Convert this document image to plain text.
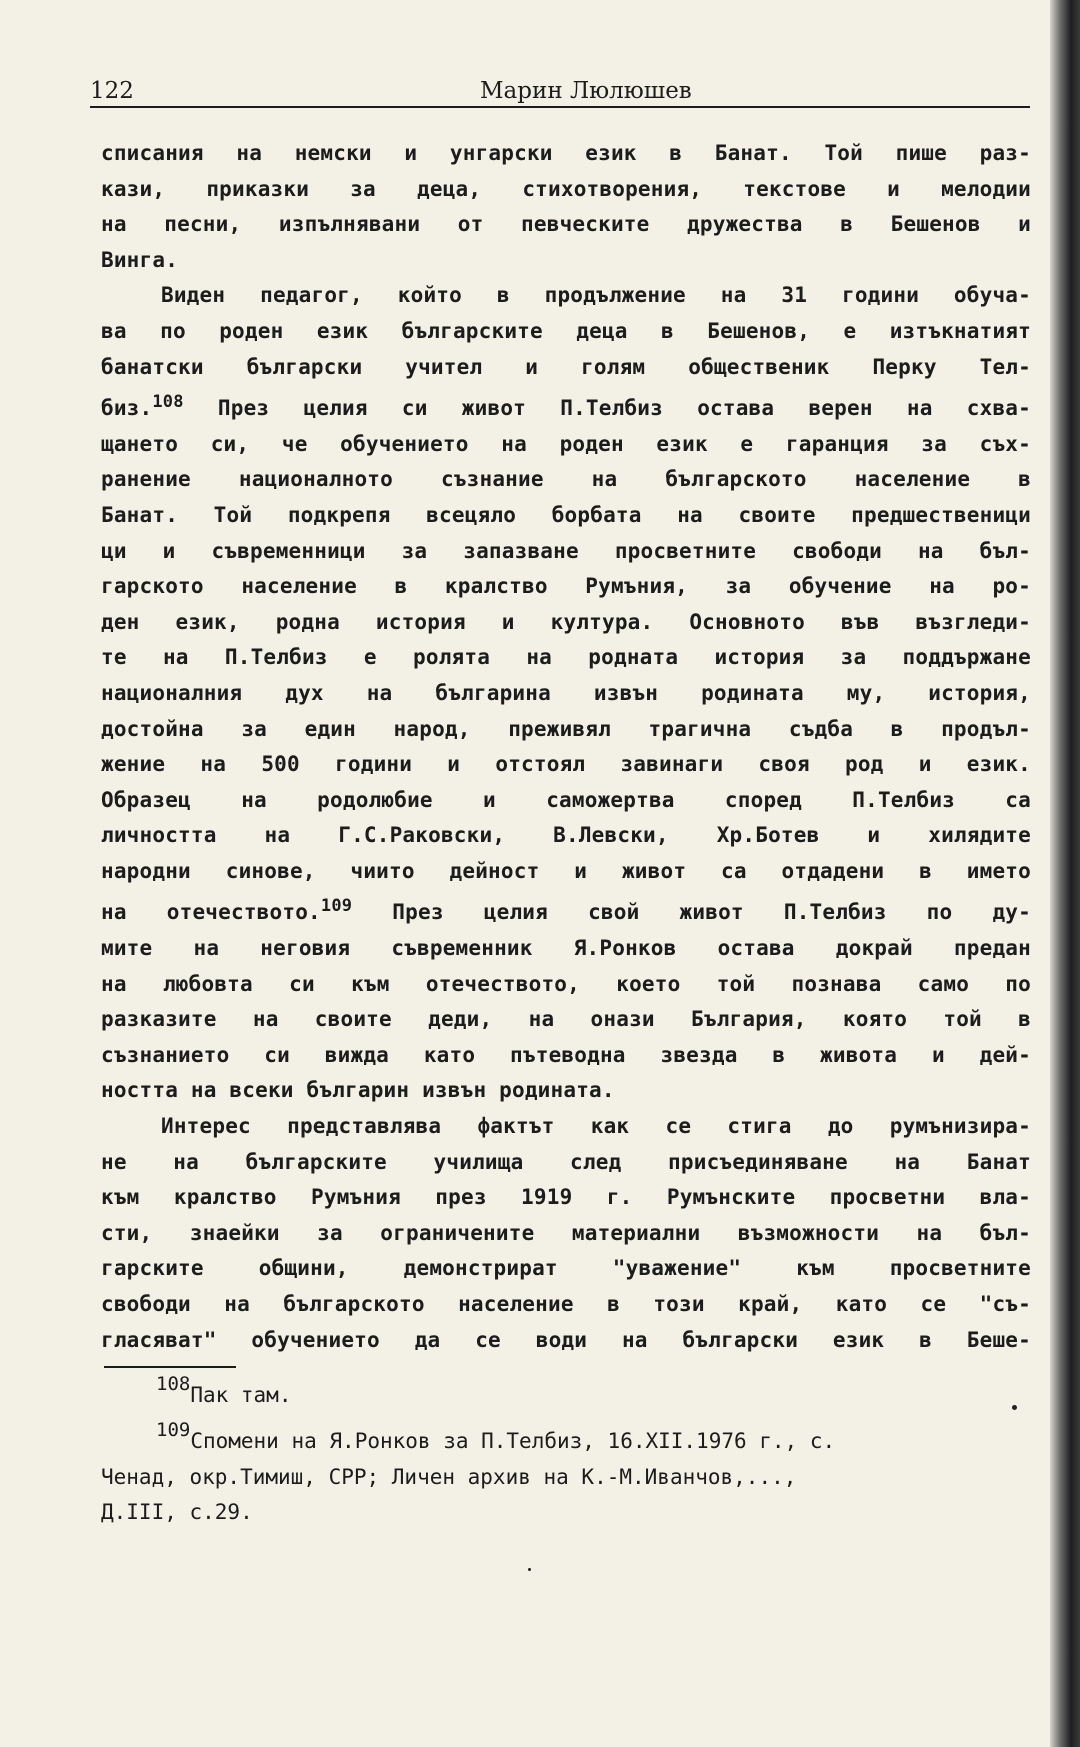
122	Марин Люлюшев

списания на немски и унгарски език в Банат. Той пише раз-
кази, приказки за деца, стихотворения, текстове и мелодии
на песни, изпълнявани от певческите дружества в Бешенов и
Винга.

Виден педагог, който в продължение на 31 години обуча-
ва по роден език българските деца в Бешенов, е изтъкнатият
банатски български учител и голям общественик Перку Тел-
биз.$^{108}$ През целия си живот П.Телбиз остава верен на схва-
щането си, че обучението на роден език е гаранция за съх-
ранение националното съзнание на българското население в
Банат. Той подкрепя всецяло борбата на своите предшественици
ци и съвременници за запазване просветните свободи на бъл-
гарското население в кралство Румъния, за обучение на ро-
ден език, родна история и култура. Основното във възгледи-
те на П.Телбиз е ролята на родната история за поддържане
националния дух на българина извън родината му, история,
достойна за един народ, преживял трагична съдба в продъл-
жение на 500 години и отстоял завинаги своя род и език.
Образец на родолюбие и саможертва според П.Телбиз са
личността на Г.С.Раковски, В.Левски, Хр.Ботев и хилядите
народни синове, чиито дейност и живот са отдадени в името
на отечеството.$^{109}$ През целия свой живот П.Телбиз по ду-
мите на неговия съвременник Я.Ронков остава докрай предан
на любовта си към отечеството, което той познава само по
разказите на своите деди, на онази България, която той в
съзнанието си вижда като пътеводна звезда в живота и дей-
ността на всеки българин извън родината.

Интерес представлява фактът как се стига до румънизира-
не на българските училища след присъединяване на Банат
към кралство Румъния през 1919 г. Румънските просветни вла-
сти, знаейки за ограничените материални възможности на бъл-
гарските общини, демонстрират "уважение" към просветните
свободи на българското население в този край, като се "съ-
гласяват" обучението да се води на български език в Беше-

108Пак там.

109Спомени на Я.Ронков за П.Телбиз, 16.XII.1976 г., с.

Ченад, окр.Тимиш, СРР; Личен архив на К.-М.Иванчов,...,

Д.III, с.29.
